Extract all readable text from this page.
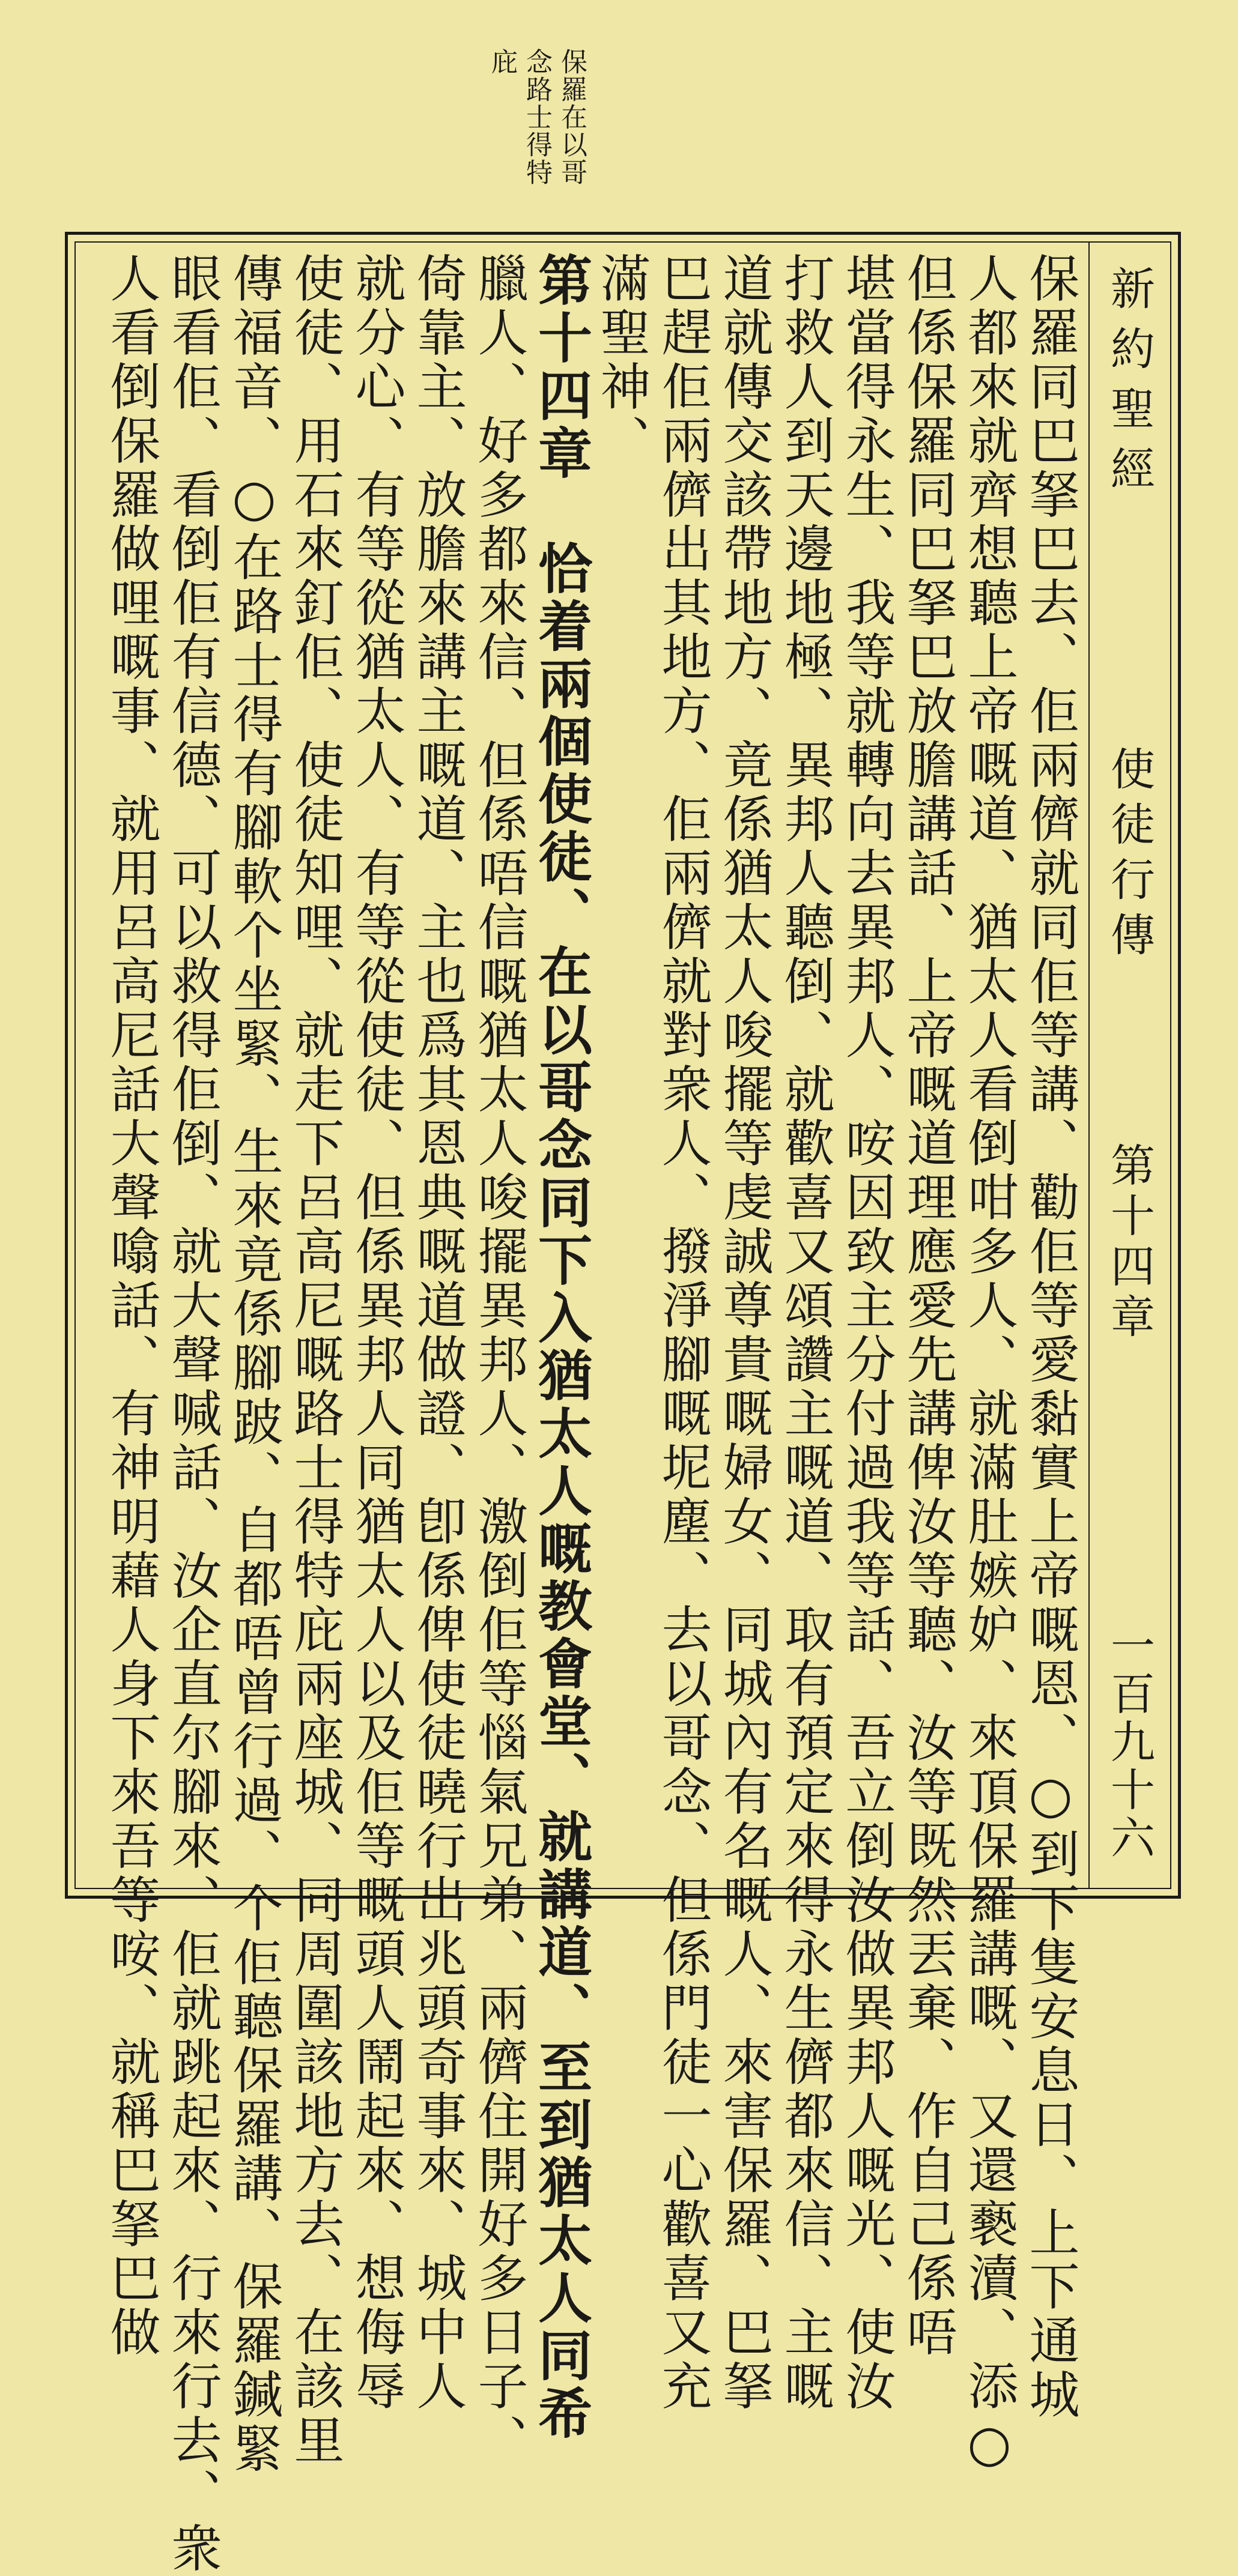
保羅在以哥
念路士得特
庇
新約聖經
使徒行傳
第十四章
一百九十六
保羅同巴拏巴去、佢兩儕就同佢等講、勸佢等愛黏實上帝嘅恩、○到下隻安息日、上下通城
人都來就齊想聽上帝嘅道、猶太人看倒咁多人、就滿肚嫉妒、來頂保羅講嘅、又還褻瀆、添○
但係保羅同巴拏巴放膽講話、上帝嘅道理應愛先講俾汝等聽、汝等既然丟棄、作自己係唔
堪當得永生、我等就轉向去異邦人、咹因致主分付過我等話、吾立倒汝做異邦人嘅光、使汝
打救人到天邊地極、異邦人聽倒、就歡喜又頌讚主嘅道、取有預定來得永生儕都來信、主嘅
道就傳交該帶地方、竟係猶太人唆擺等虔誠尊貴嘅婦女、同城內有名嘅人、來害保羅、巴拏
巴趕佢兩儕出其地方、佢兩儕就對衆人、撥淨腳嘅坭塵、去以哥念、但係門徒一心歡喜又充
滿聖神、
第十四章　恰着兩個使徒、在以哥念同下入猶太人嘅教會堂、就講道、至到猶太人同希
臘人、好多都來信、但係唔信嘅猶太人唆擺異邦人、激倒佢等惱氣兄弟、兩儕住開好多日子、
倚靠主、放膽來講主嘅道、主也爲其恩典嘅道做證、卽係俾使徒曉行出兆頭奇事來、城中人
就分心、有等從猶太人、有等從使徒、但係異邦人同猶太人以及佢等嘅頭人鬧起來、想侮辱
使徒、用石來釘佢、使徒知哩、就走下呂高尼嘅路士得特庇兩座城、同周圍該地方去、在該里
傳福音、○在路士得有腳軟个坐緊、生來竟係腳跛、自都唔曾行過、个佢聽保羅講、保羅鍼緊
眼看佢、看倒佢有信德、可以救得佢倒、就大聲喊話、汝企直尔腳來、佢就跳起來、行來行去、衆
人看倒保羅做哩嘅事、就用呂高尼話大聲噏話、有神明藉人身下來吾等咹、就稱巴拏巴做
